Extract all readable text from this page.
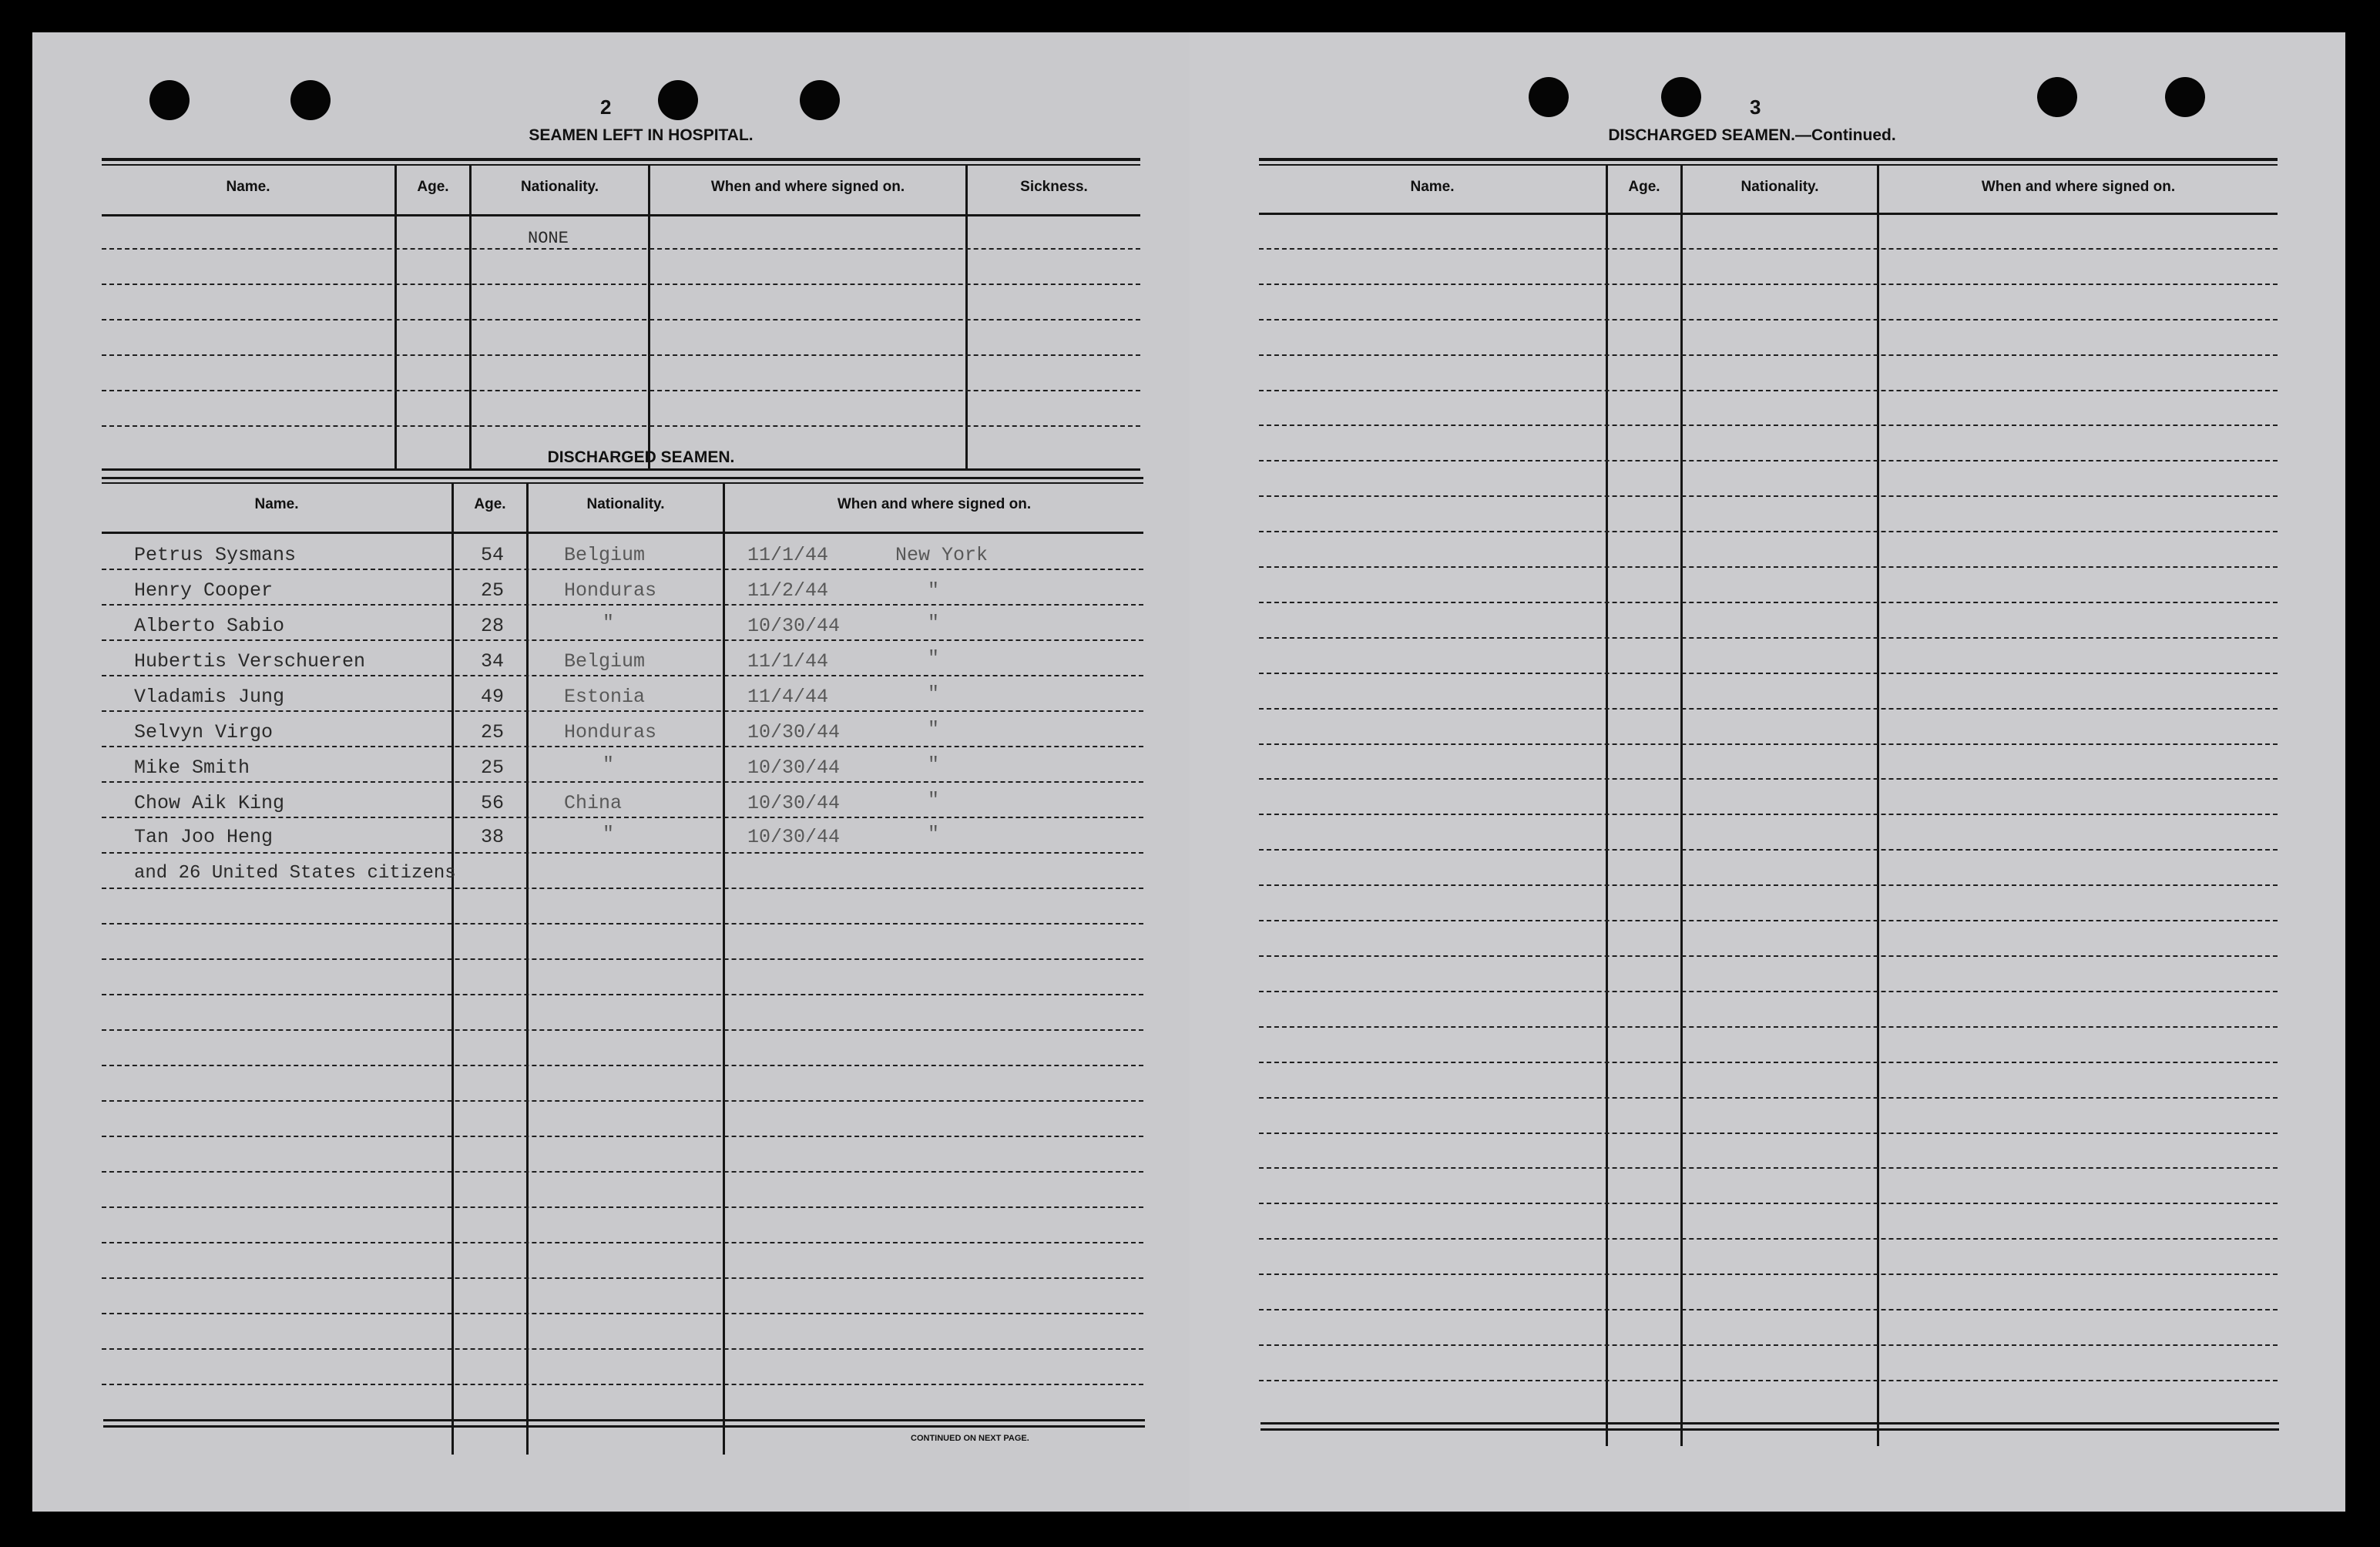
2
SEAMEN LEFT IN HOSPITAL.
Name.	Age.	Nationality.	When and where signed on.	Sickness.
NONE
DISCHARGED SEAMEN.
Name.	Age.	Nationality.	When and where signed on.
Petrus Sysmans	54	Belgium	11/1/44	New York
Henry Cooper	25	Honduras	11/2/44	"
Alberto Sabio	28	"	10/30/44	"
Hubertis Verschueren	34	Belgium	11/1/44	"
Vladamis Jung	49	Estonia	11/4/44	"
Selvyn Virgo	25	Honduras	10/30/44	"
Mike Smith	25	"	10/30/44	"
Chow Aik King	56	China	10/30/44	"
Tan Joo Heng	38	"	10/30/44	"
and 26 United States citizens
CONTINUED ON NEXT PAGE.
3
DISCHARGED SEAMEN.—Continued.
Name.	Age.	Nationality.	When and where signed on.
